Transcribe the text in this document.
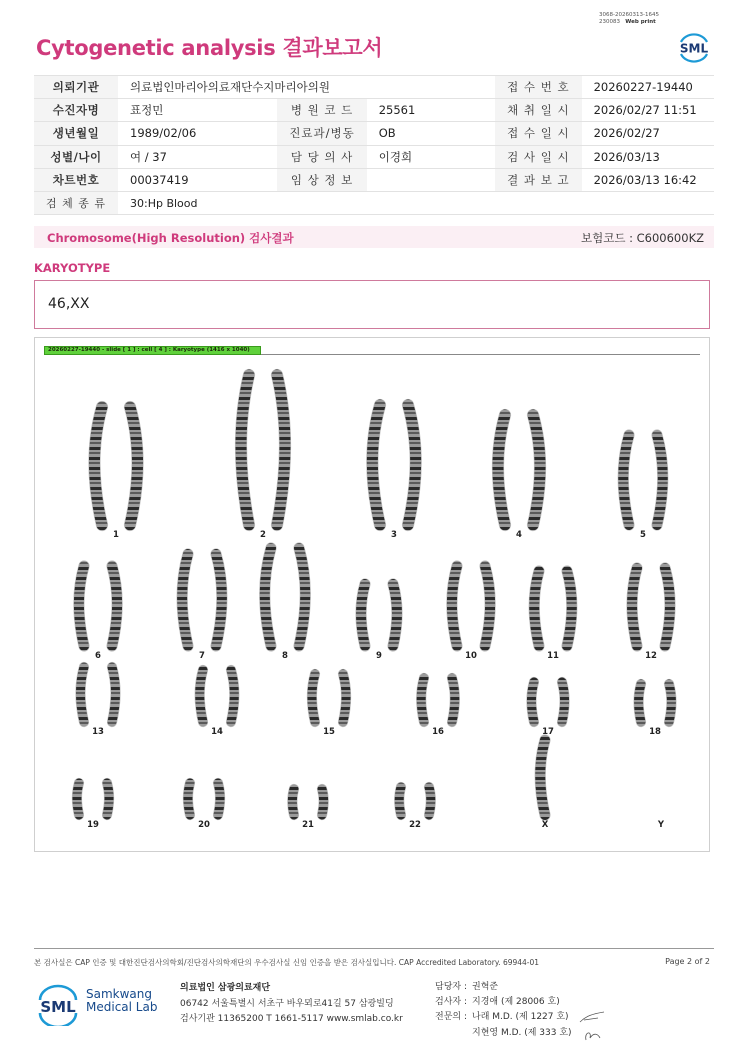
Cytogenetic analysis 결과보고서
3068-20260313-1645
230083 Web print
SML
의뢰기관	의료법인마리아의료재단수지마리아의원			접 수 번 호	20260227-19440
수진자명	표정민	병 원 코 드	25561	채 취 일 시	2026/02/27 11:51
생년월일	1989/02/06	진료과/병동	OB	접 수 일 시	2026/02/27
성별/나이	여 / 37	담 당 의 사	이경희	검 사 일 시	2026/03/13
차트번호	00037419	임 상 정 보		결 과 보 고	2026/03/13 16:42
검 체 종 류	30:Hp Blood				
Chromosome(High Resolution) 검사결과	보험코드 : C600600KZ
KARYOTYPE
46,XX
20260227-19440 - slide [ 1 ] : cell [ 4 ] : Karyotype (1416 x 1040)
1	2	3	4	5
6	7	8	9	10	11	12
13	14	15	16	17	18
19	20	21	22	X	Y
본 검사실은 CAP 인증 및 대한진단검사의학회/진단검사의학재단의 우수검사실 신임 인증을 받은 검사실입니다. CAP Accredited Laboratory. 69944-01	Page 2 of 2
SML
Samkwang
Medical Lab
의료법인 삼광의료재단
06742 서울특별시 서초구 바우뫼로41길 57 삼광빌딩
검사기관 11365200 T 1661-5117 www.smlab.co.kr
담당자 : 권혁준
검사자 : 지경애 (제 28006 호)
전문의 : 나래 M.D. (제 1227 호)
지현영 M.D. (제 333 호)
